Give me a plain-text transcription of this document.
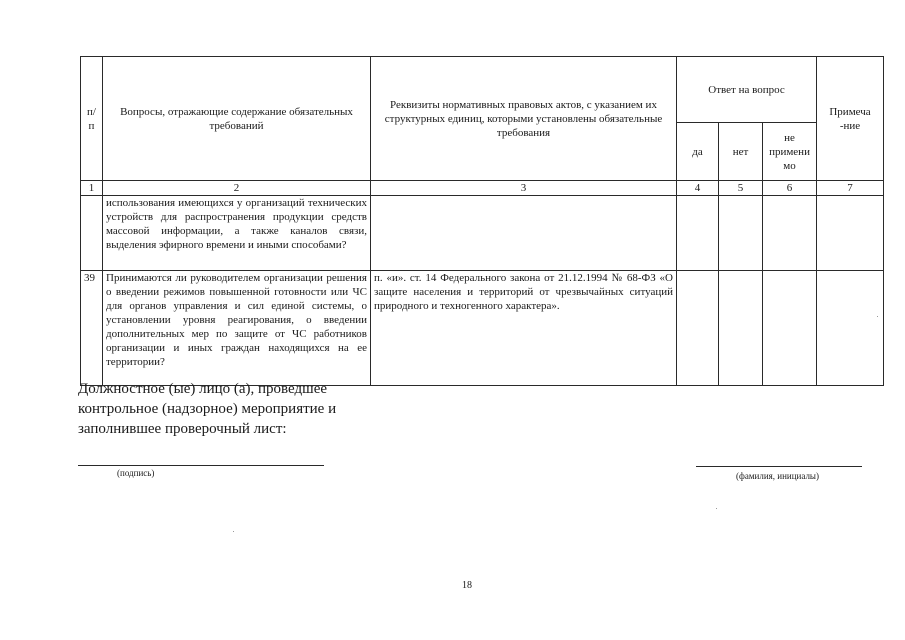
п/ п	Вопросы, отражающие содержание обязательных требований	Реквизиты нормативных правовых актов, с указанием их структурных единиц, которыми установлены обязательные требования	Ответ на вопрос			Примеча -ние
			да	нет	не примени мо	
1	2	3	4	5	6	7
	использования имеющихся у организаций технических устройств для распространения продукции средств массовой информации, а также каналов связи, выделения эфирного времени и иными способами?					
39	Принимаются ли руководителем организации решения о введении режимов повышенной готовности или ЧС для органов управления и сил единой системы, о установлении уровня реагирования, о введении дополнительных мер по защите от ЧС работников организации и иных граждан находящихся на ее территории?	п. «и». ст. 14 Федерального закона от 21.12.1994 № 68-ФЗ «О защите населения и территорий от чрезвычайных ситуаций природного и техногенного характера».				
Должностное (ые) лицо (а), проведшее контрольное (надзорное) мероприятие и заполнившее проверочный лист:
(подпись)	(фамилия, инициалы)
18
